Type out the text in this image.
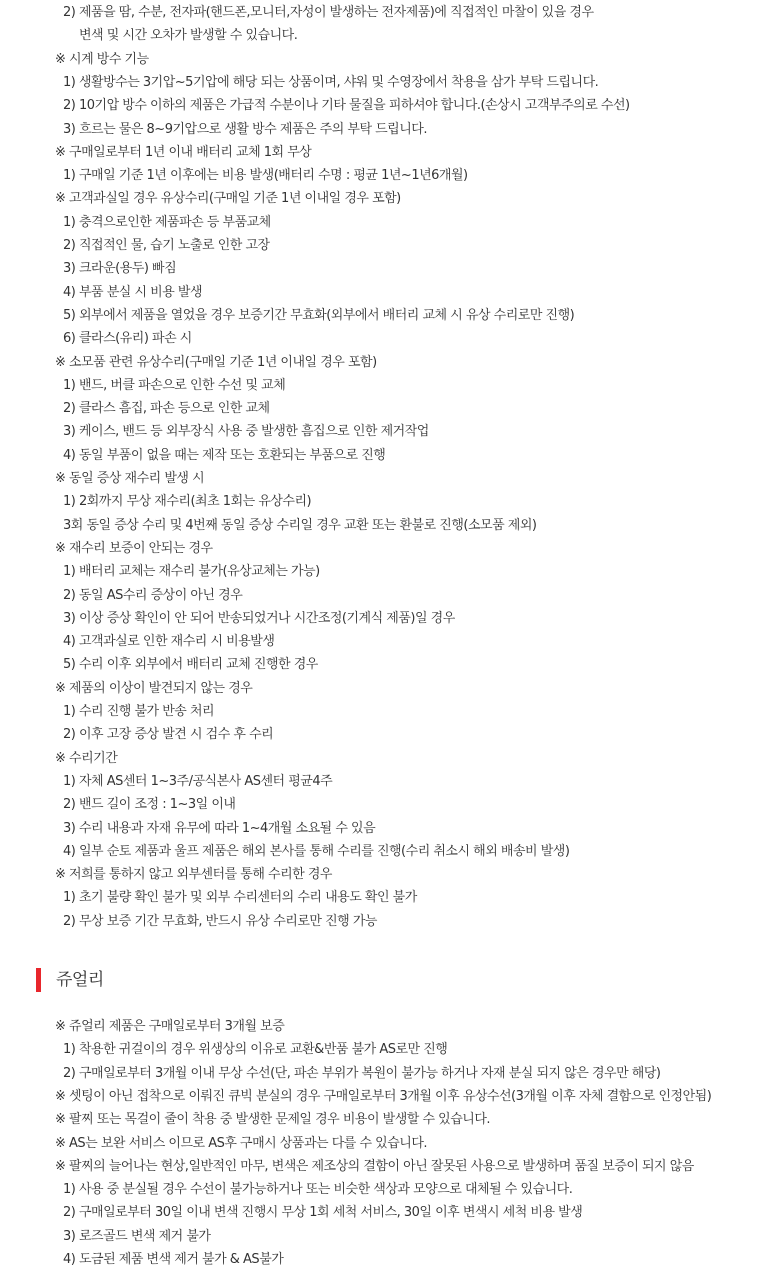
2) 제품을 땀, 수분, 전자파(핸드폰,모니터,자성이 발생하는 전자제품)에 직접적인 마찰이 있을 경우
변색 및 시간 오차가 발생할 수 있습니다.
※ 시계 방수 기능
1) 생활방수는 3기압~5기압에 해당 되는 상품이며, 샤워 및 수영장에서 착용을 삼가 부탁 드립니다.
2) 10기압 방수 이하의 제품은 가급적 수분이나 기타 물질을 피하셔야 합니다.(손상시 고객부주의로 수선)
3) 흐르는 물은 8~9기압으로 생활 방수 제품은 주의 부탁 드립니다.
※ 구매일로부터 1년 이내 배터리 교체 1회 무상
1) 구매일 기준 1년 이후에는 비용 발생(배터리 수명 : 평균 1년~1년6개월)
※ 고객과실일 경우 유상수리(구매일 기준 1년 이내일 경우 포함)
1) 충격으로인한 제품파손 등 부품교체
2) 직접적인 물, 습기 노출로 인한 고장
3) 크라운(용두) 빠짐
4) 부품 분실 시 비용 발생
5) 외부에서 제품을 열었을 경우 보증기간 무효화(외부에서 배터리 교체 시 유상 수리로만 진행)
6) 클라스(유리) 파손 시
※ 소모품 관련 유상수리(구매일 기준 1년 이내일 경우 포함)
1) 밴드, 버클 파손으로 인한 수선 및 교체
2) 클라스 흠집, 파손 등으로 인한 교체
3) 케이스, 밴드 등 외부장식 사용 중 발생한 흠집으로 인한 제거작업
4) 동일 부품이 없을 때는 제작 또는 호환되는 부품으로 진행
※ 동일 증상 재수리 발생 시
1) 2회까지 무상 재수리(최초 1회는 유상수리)
3회 동일 증상 수리 및 4번째 동일 증상 수리일 경우 교환 또는 환불로 진행(소모품 제외)
※ 재수리 보증이 안되는 경우
1) 배터리 교체는 재수리 불가(유상교체는 가능)
2) 동일 AS수리 증상이 아닌 경우
3) 이상 증상 확인이 안 되어 반송되었거나 시간조정(기계식 제품)일 경우
4) 고객과실로 인한 재수리 시 비용발생
5) 수리 이후 외부에서 배터리 교체 진행한 경우
※ 제품의 이상이 발견되지 않는 경우
1) 수리 진행 불가 반송 처리
2) 이후 고장 증상 발견 시 검수 후 수리
※ 수리기간
1) 자체 AS센터 1~3주/공식본사 AS센터 평균4주
2) 밴드 길이 조정 : 1~3일 이내
3) 수리 내용과 자재 유무에 따라 1~4개월 소요될 수 있음
4) 일부 순토 제품과 울프 제품은 해외 본사를 통해 수리를 진행(수리 취소시 해외 배송비 발생)
※ 저희를 통하지 않고 외부센터를 통해 수리한 경우
1) 초기 불량 확인 불가 및 외부 수리센터의 수리 내용도 확인 불가
2) 무상 보증 기간 무효화, 반드시 유상 수리로만 진행 가능
쥬얼리
※ 쥬얼리 제품은 구매일로부터 3개월 보증
1) 착용한 귀걸이의 경우 위생상의 이유로 교환&반품 불가 AS로만 진행
2) 구매일로부터 3개월 이내 무상 수선(단, 파손 부위가 복원이 불가능 하거나 자재 분실 되지 않은 경우만 해당)
※ 셋팅이 아닌 접착으로 이뤄진 큐빅 분실의 경우 구매일로부터 3개월 이후 유상수선(3개월 이후 자체 결함으로 인정안됨)
※ 팔찌 또는 목걸이 줄이 착용 중 발생한 문제일 경우 비용이 발생할 수 있습니다.
※ AS는 보완 서비스 이므로 AS후 구매시 상품과는 다를 수 있습니다.
※ 팔찌의 늘어나는 현상,일반적인 마무, 변색은 제조상의 결함이 아닌 잘못된 사용으로 발생하며 품질 보증이 되지 않음
1) 사용 중 분실될 경우 수선이 불가능하거나 또는 비슷한 색상과 모양으로 대체될 수 있습니다.
2) 구매일로부터 30일 이내 변색 진행시 무상 1회 세척 서비스, 30일 이후 변색시 세척 비용 발생
3) 로즈골드 변색 제거 불가
4) 도금된 제품 변색 제거 불가 & AS불가
